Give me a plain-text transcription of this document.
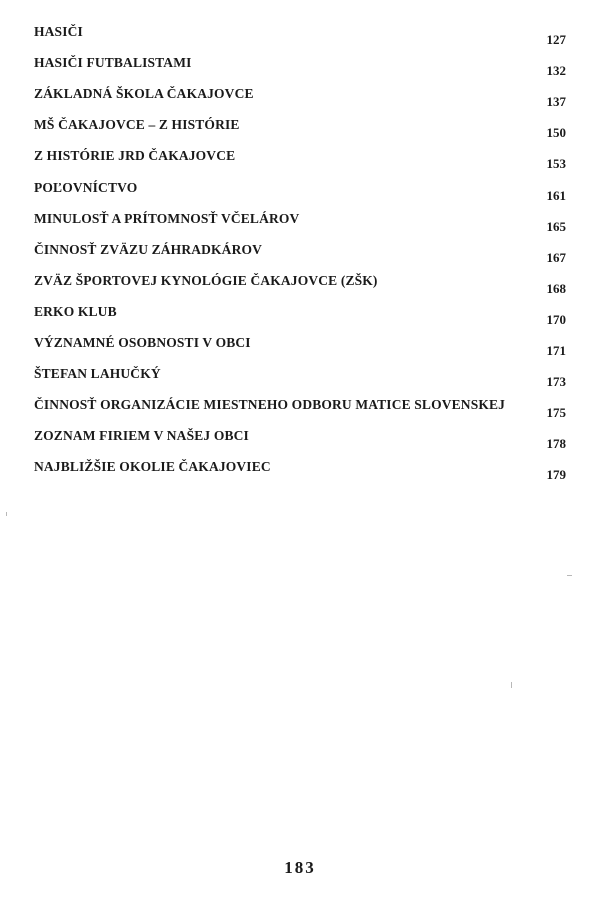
HASIČI
127
HASIČI FUTBALISTAMI
132
ZÁKLADNÁ ŠKOLA ČAKAJOVCE
137
MŠ ČAKAJOVCE – Z HISTÓRIE
150
Z HISTÓRIE JRD ČAKAJOVCE
153
POĽOVNÍCTVO
161
MINULOSŤ A PRÍTOMNOSŤ VČELÁROV
165
ČINNOSŤ ZVÄZU ZÁHRADKÁROV
167
ZVÄZ ŠPORTOVEJ KYNOLÓGIE ČAKAJOVCE (ZŠK)
168
ERKO KLUB
170
VÝZNAMNÉ OSOBNOSTI V OBCI
171
ŠTEFAN LAHUČKÝ
173
ČINNOSŤ ORGANIZÁCIE MIESTNEHO ODBORU MATICE SLOVENSKEJ
175
ZOZNAM FIRIEM V NAŠEJ OBCI
178
NAJBLIŽŠIE OKOLIE ČAKAJOVIEC
179
183
